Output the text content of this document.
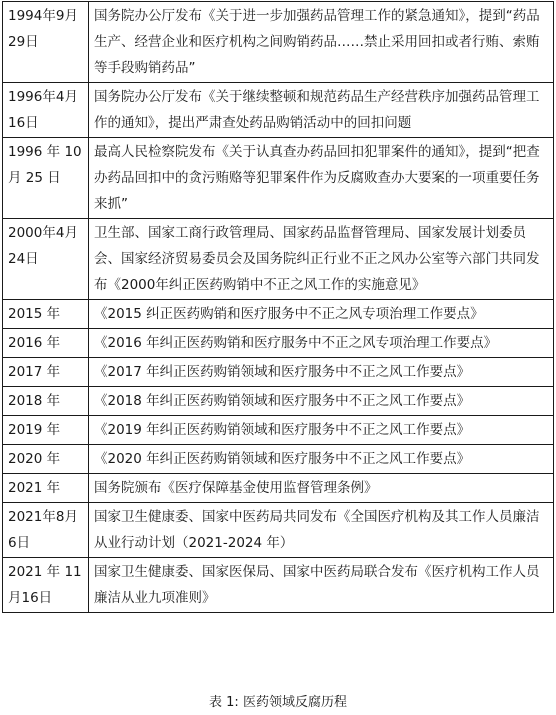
1994年9月29日	国务院办公厅发布《关于进一步加强药品管理工作的紧急通知》，提到“药品生产、经营企业和医疗机构之间购销药品……禁止采用回扣或者行贿、索贿等手段购销药品”
1996年4月16日	国务院办公厅发布《关于继续整顿和规范药品生产经营秩序加强药品管理工作的通知》，提出严肃查处药品购销活动中的回扣问题
1996 年 10 月 25 日	最高人民检察院发布《关于认真查办药品回扣犯罪案件的通知》，提到“把查办药品回扣中的贪污贿赂等犯罪案件作为反腐败查办大要案的一项重要任务来抓”
2000年4月24日	卫生部、国家工商行政管理局、国家药品监督管理局、国家发展计划委员会、国家经济贸易委员会及国务院纠正行业不正之风办公室等六部门共同发布《2000年纠正医药购销中不正之风工作的实施意见》
2015 年	《2015 纠正医药购销和医疗服务中不正之风专项治理工作要点》
2016 年	《2016 年纠正医药购销和医疗服务中不正之风专项治理工作要点》
2017 年	《2017 年纠正医药购销领域和医疗服务中不正之风工作要点》
2018 年	《2018 年纠正医药购销领域和医疗服务中不正之风工作要点》
2019 年	《2019 年纠正医药购销领域和医疗服务中不正之风工作要点》
2020 年	《2020 年纠正医药购销领域和医疗服务中不正之风工作要点》
2021 年	国务院颁布《医疗保障基金使用监督管理条例》
2021年8月6日	国家卫生健康委、国家中医药局共同发布《全国医疗机构及其工作人员廉洁从业行动计划（2021-2024 年）
2021 年 11 月16日	国家卫生健康委、国家医保局、国家中医药局联合发布《医疗机构工作人员廉洁从业九项准则》
表 1: 医药领域反腐历程
